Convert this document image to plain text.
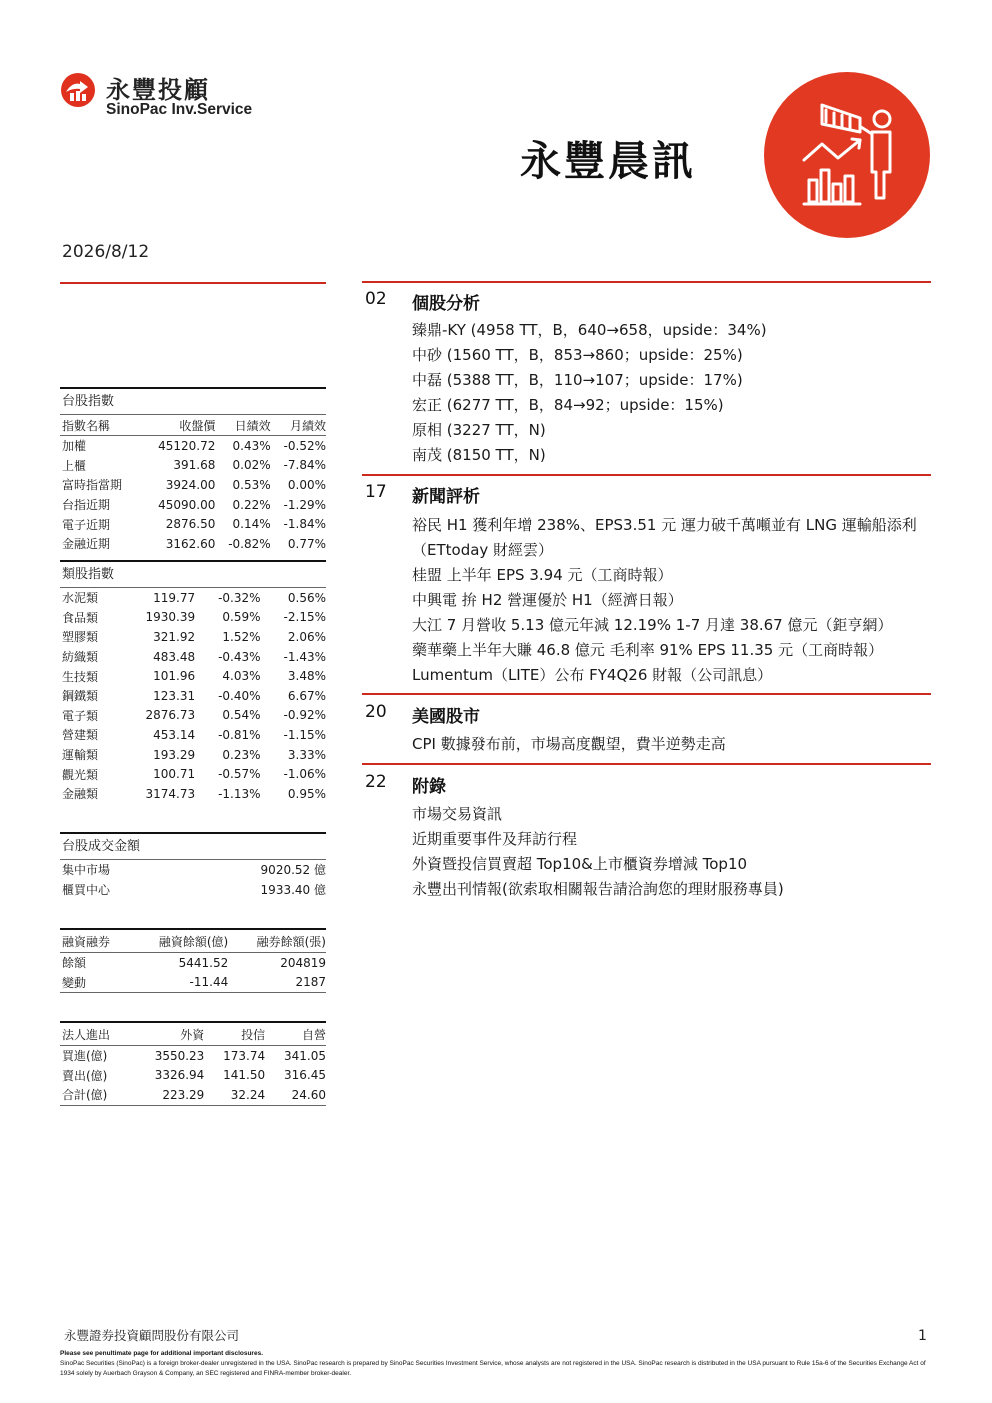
永豐投顧
SinoPac Inv.Service
永豐晨訊
2026/8/12
台股指數
指數名稱	收盤價	日績效	月績效
加權	45120.72	0.43%	-0.52%
上櫃	391.68	0.02%	-7.84%
富時指當期	3924.00	0.53%	0.00%
台指近期	45090.00	0.22%	-1.29%
電子近期	2876.50	0.14%	-1.84%
金融近期	3162.60	-0.82%	0.77%
類股指數
水泥類	119.77	-0.32%	0.56%
食品類	1930.39	0.59%	-2.15%
塑膠類	321.92	1.52%	2.06%
紡織類	483.48	-0.43%	-1.43%
生技類	101.96	4.03%	3.48%
鋼鐵類	123.31	-0.40%	6.67%
電子類	2876.73	0.54%	-0.92%
營建類	453.14	-0.81%	-1.15%
運輸類	193.29	0.23%	3.33%
觀光類	100.71	-0.57%	-1.06%
金融類	3174.73	-1.13%	0.95%
台股成交金額
集中市場	9020.52 億
櫃買中心	1933.40 億
融資融券	融資餘額(億)	融券餘額(張)
餘額	5441.52	204819
變動	-11.44	2187
法人進出	外資	投信	自營
買進(億)	3550.23	173.74	341.05
賣出(億)	3326.94	141.50	316.45
合計(億)	223.29	32.24	24.60
02 個股分析
臻鼎-KY (4958 TT，B，640→658，upside：34%)
中砂 (1560 TT，B，853→860；upside：25%)
中磊 (5388 TT，B，110→107；upside：17%)
宏正 (6277 TT，B，84→92；upside：15%)
原相 (3227 TT，N)
南茂 (8150 TT，N)
17 新聞評析
裕民 H1 獲利年增 238%、EPS3.51 元 運力破千萬噸並有 LNG 運輸船添利
（ETtoday 財經雲）
桂盟 上半年 EPS 3.94 元（工商時報）
中興電 拚 H2 營運優於 H1（經濟日報）
大江 7 月營收 5.13 億元年減 12.19% 1-7 月達 38.67 億元（鉅亨網）
藥華藥上半年大賺 46.8 億元 毛利率 91% EPS 11.35 元（工商時報）
Lumentum（LITE）公布 FY4Q26 財報（公司訊息）
20 美國股市
CPI 數據發布前，市場高度觀望，費半逆勢走高
22 附錄
市場交易資訊
近期重要事件及拜訪行程
外資暨投信買賣超 Top10&上市櫃資券增減 Top10
永豐出刊情報(欲索取相關報告請洽詢您的理財服務專員)
永豐證券投資顧問股份有限公司	1
Please see penultimate page for additional important disclosures.
SinoPac Securities (SinoPac) is a foreign broker-dealer unregistered in the USA. SinoPac research is prepared by SinoPac Securities Investment Service, whose analysts are not registered in the USA. SinoPac research is distributed in the USA pursuant to Rule 15a-6 of the Securities Exchange Act of 1934 solely by Auerbach Grayson & Company, an SEC registered and FINRA-member broker-dealer.
